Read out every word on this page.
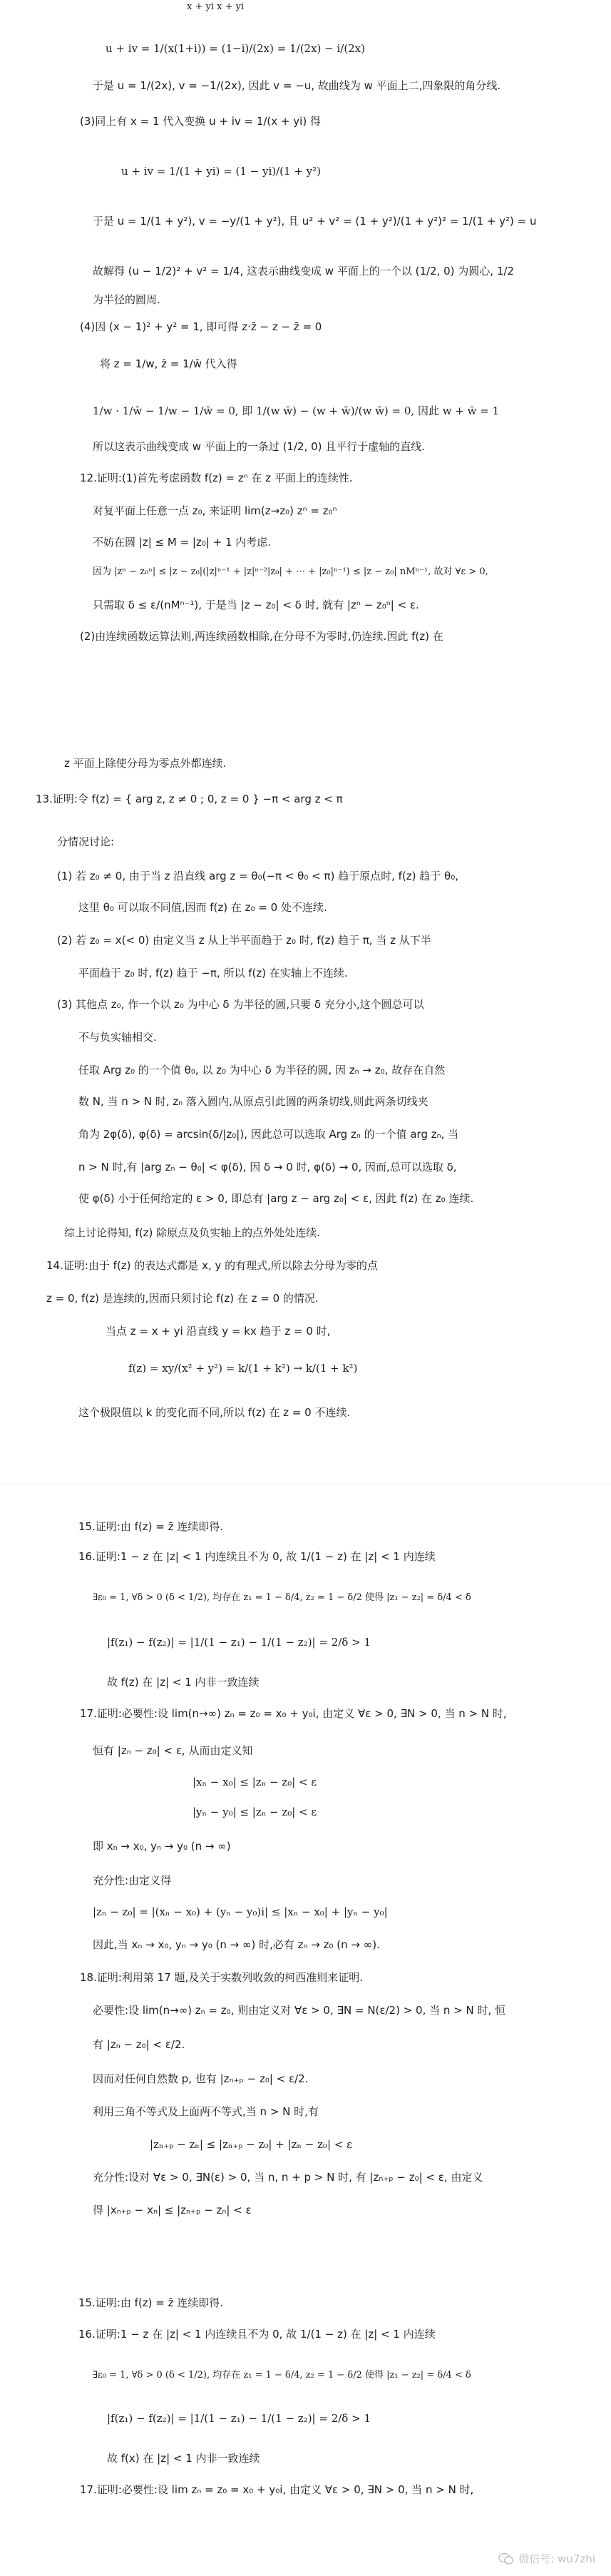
x + yi x + yi
u + iv = 1/(x(1+i)) = (1−i)/(2x) = 1/(2x) − i/(2x)
于是 u = 1/(2x), v = −1/(2x), 因此 v = −u, 故曲线为 w 平面上二,四象限的角分线.
(3)同上有 x = 1 代入变换 u + iv = 1/(x + yi) 得
u + iv = 1/(1 + yi) = (1 − yi)/(1 + y²)
于是 u = 1/(1 + y²), v = −y/(1 + y²), 且 u² + v² = (1 + y²)/(1 + y²)² = 1/(1 + y²) = u
故解得 (u − 1/2)² + v² = 1/4, 这表示曲线变成 w 平面上的一个以 (1/2, 0) 为圆心, 1/2
为半径的圆周.
(4)因 (x − 1)² + y² = 1, 即可得 z·z̄ − z − z̄ = 0
将 z = 1/w, z̄ = 1/w̄ 代入得
1/w · 1/w̄ − 1/w − 1/w̄ = 0, 即 1/(w w̄) − (w + w̄)/(w w̄) = 0, 因此 w + w̄ = 1
所以这表示曲线变成 w 平面上的一条过 (1/2, 0) 且平行于虚轴的直线.
12.证明:(1)首先考虑函数 f(z) = zⁿ 在 z 平面上的连续性.
对复平面上任意一点 z₀, 来证明 lim(z→z₀) zⁿ = z₀ⁿ
不妨在圆 |z| ≤ M = |z₀| + 1 内考虑.
因为 |zⁿ − z₀ⁿ| ≤ |z − z₀|(|z|ⁿ⁻¹ + |z|ⁿ⁻²|z₀| + ⋯ + |z₀|ⁿ⁻¹) ≤ |z − z₀| nMⁿ⁻¹, 故对 ∀ε > 0,
只需取 δ ≤ ε/(nMⁿ⁻¹), 于是当 |z − z₀| < δ 时, 就有 |zⁿ − z₀ⁿ| < ε.
(2)由连续函数运算法则,两连续函数相除,在分母不为零时,仍连续.因此 f(z) 在
z 平面上除使分母为零点外都连续.
13.证明:令 f(z) = { arg z, z ≠ 0 ; 0, z = 0 } −π < arg z < π
分情况讨论:
(1) 若 z₀ ≠ 0, 由于当 z 沿直线 arg z = θ₀(−π < θ₀ < π) 趋于原点时, f(z) 趋于 θ₀,
这里 θ₀ 可以取不同值,因而 f(z) 在 z₀ = 0 处不连续.
(2) 若 z₀ = x(< 0) 由定义当 z 从上半平面趋于 z₀ 时, f(z) 趋于 π, 当 z 从下半
平面趋于 z₀ 时, f(z) 趋于 −π, 所以 f(z) 在实轴上不连续.
(3) 其他点 z₀, 作一个以 z₀ 为中心 δ 为半径的圆,只要 δ 充分小,这个圆总可以
不与负实轴相交.
任取 Arg z₀ 的一个值 θ₀, 以 z₀ 为中心 δ 为半径的圆, 因 zₙ → z₀, 故存在自然
数 N, 当 n > N 时, zₙ 落入圆内,从原点引此圆的两条切线,则此两条切线夹
角为 2φ(δ), φ(δ) = arcsin(δ/|z₀|), 因此总可以选取 Arg zₙ 的一个值 arg zₙ, 当
n > N 时,有 |arg zₙ − θ₀| < φ(δ), 因 δ → 0 时, φ(δ) → 0, 因而,总可以选取 δ,
使 φ(δ) 小于任何给定的 ε > 0, 即总有 |arg z − arg z₀| < ε, 因此 f(z) 在 z₀ 连续.
综上讨论得知, f(z) 除原点及负实轴上的点外处处连续.
14.证明:由于 f(z) 的表达式都是 x, y 的有理式,所以除去分母为零的点
z = 0, f(z) 是连续的,因而只须讨论 f(z) 在 z = 0 的情况.
当点 z = x + yi 沿直线 y = kx 趋于 z = 0 时,
f(z) = xy/(x² + y²) = k/(1 + k²) → k/(1 + k²)
这个极限值以 k 的变化而不同,所以 f(z) 在 z = 0 不连续.
15.证明:由 f(z) = z̄ 连续即得.
16.证明:1 − z 在 |z| < 1 内连续且不为 0, 故 1/(1 − z) 在 |z| < 1 内连续
∃ε₀ = 1, ∀δ > 0 (δ < 1/2), 均存在 z₁ = 1 − δ/4, z₂ = 1 − δ/2 使得 |z₁ − z₂| = δ/4 < δ
|f(z₁) − f(z₂)| = |1/(1 − z₁) − 1/(1 − z₂)| = 2/δ > 1
故 f(z) 在 |z| < 1 内非一致连续
17.证明:必要性:设 lim(n→∞) zₙ = z₀ = x₀ + y₀i, 由定义 ∀ε > 0, ∃N > 0, 当 n > N 时,
恒有 |zₙ − z₀| < ε, 从而由定义知
|xₙ − x₀| ≤ |zₙ − z₀| < ε
|yₙ − y₀| ≤ |zₙ − z₀| < ε
即 xₙ → x₀, yₙ → y₀ (n → ∞)
充分性:由定义得
|zₙ − z₀| = |(xₙ − x₀) + (yₙ − y₀)i| ≤ |xₙ − x₀| + |yₙ − y₀|
因此,当 xₙ → x₀, yₙ → y₀ (n → ∞) 时,必有 zₙ → z₀ (n → ∞).
18.证明:利用第 17 题,及关于实数列收敛的柯西准则来证明.
必要性:设 lim(n→∞) zₙ = z₀, 则由定义对 ∀ε > 0, ∃N = N(ε/2) > 0, 当 n > N 时, 恒
有 |zₙ − z₀| < ε/2.
因而对任何自然数 p, 也有 |zₙ₊ₚ − z₀| < ε/2.
利用三角不等式及上面两不等式,当 n > N 时,有
|zₙ₊ₚ − zₙ| ≤ |zₙ₊ₚ − z₀| + |zₙ − z₀| < ε
充分性:设对 ∀ε > 0, ∃N(ε) > 0, 当 n, n + p > N 时, 有 |zₙ₊ₚ − z₀| < ε, 由定义
得 |xₙ₊ₚ − xₙ| ≤ |zₙ₊ₚ − zₙ| < ε
15.证明:由 f(z) = z̄ 连续即得.
16.证明:1 − z 在 |z| < 1 内连续且不为 0, 故 1/(1 − z) 在 |z| < 1 内连续
∃ε₀ = 1, ∀δ > 0 (δ < 1/2), 均存在 z₁ = 1 − δ/4, z₂ = 1 − δ/2 使得 |z₁ − z₂| = δ/4 < δ
|f(z₁) − f(z₂)| = |1/(1 − z₁) − 1/(1 − z₂)| = 2/δ > 1
故 f(x) 在 |z| < 1 内非一致连续
17.证明:必要性:设 lim zₙ = z₀ = x₀ + y₀i, 由定义 ∀ε > 0, ∃N > 0, 当 n > N 时,
微信号: wu7zhi
